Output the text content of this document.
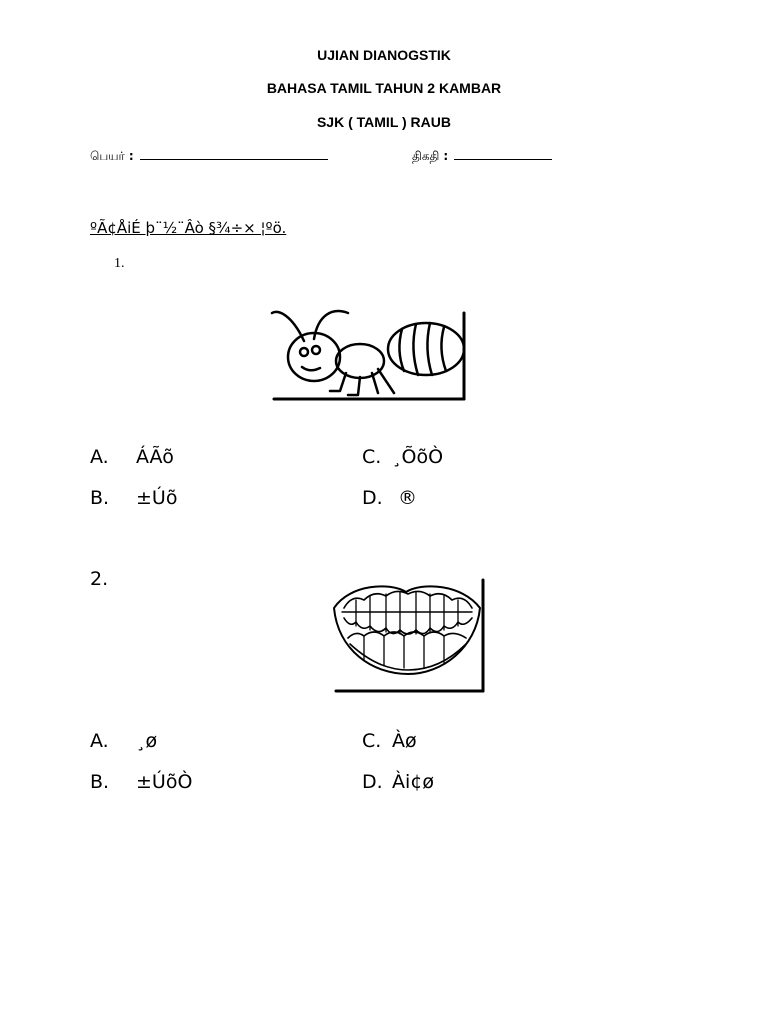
UJIAN DIANOGSTIK
BAHASA TAMIL TAHUN 2 KAMBAR
SJK ( TAMIL ) RAUB
பெயர் :	திகதி :
ºÃ¢ÅiÉ þ¨½¨Âò §¾÷× ¦ºö.
1.
A. ÁÃõ
B. ±Úõ
C. ¸ÕõÒ
D. ®
2.
A. ¸ø
B. ±ÚõÒ
C. Àø
D. Ài¢ø
